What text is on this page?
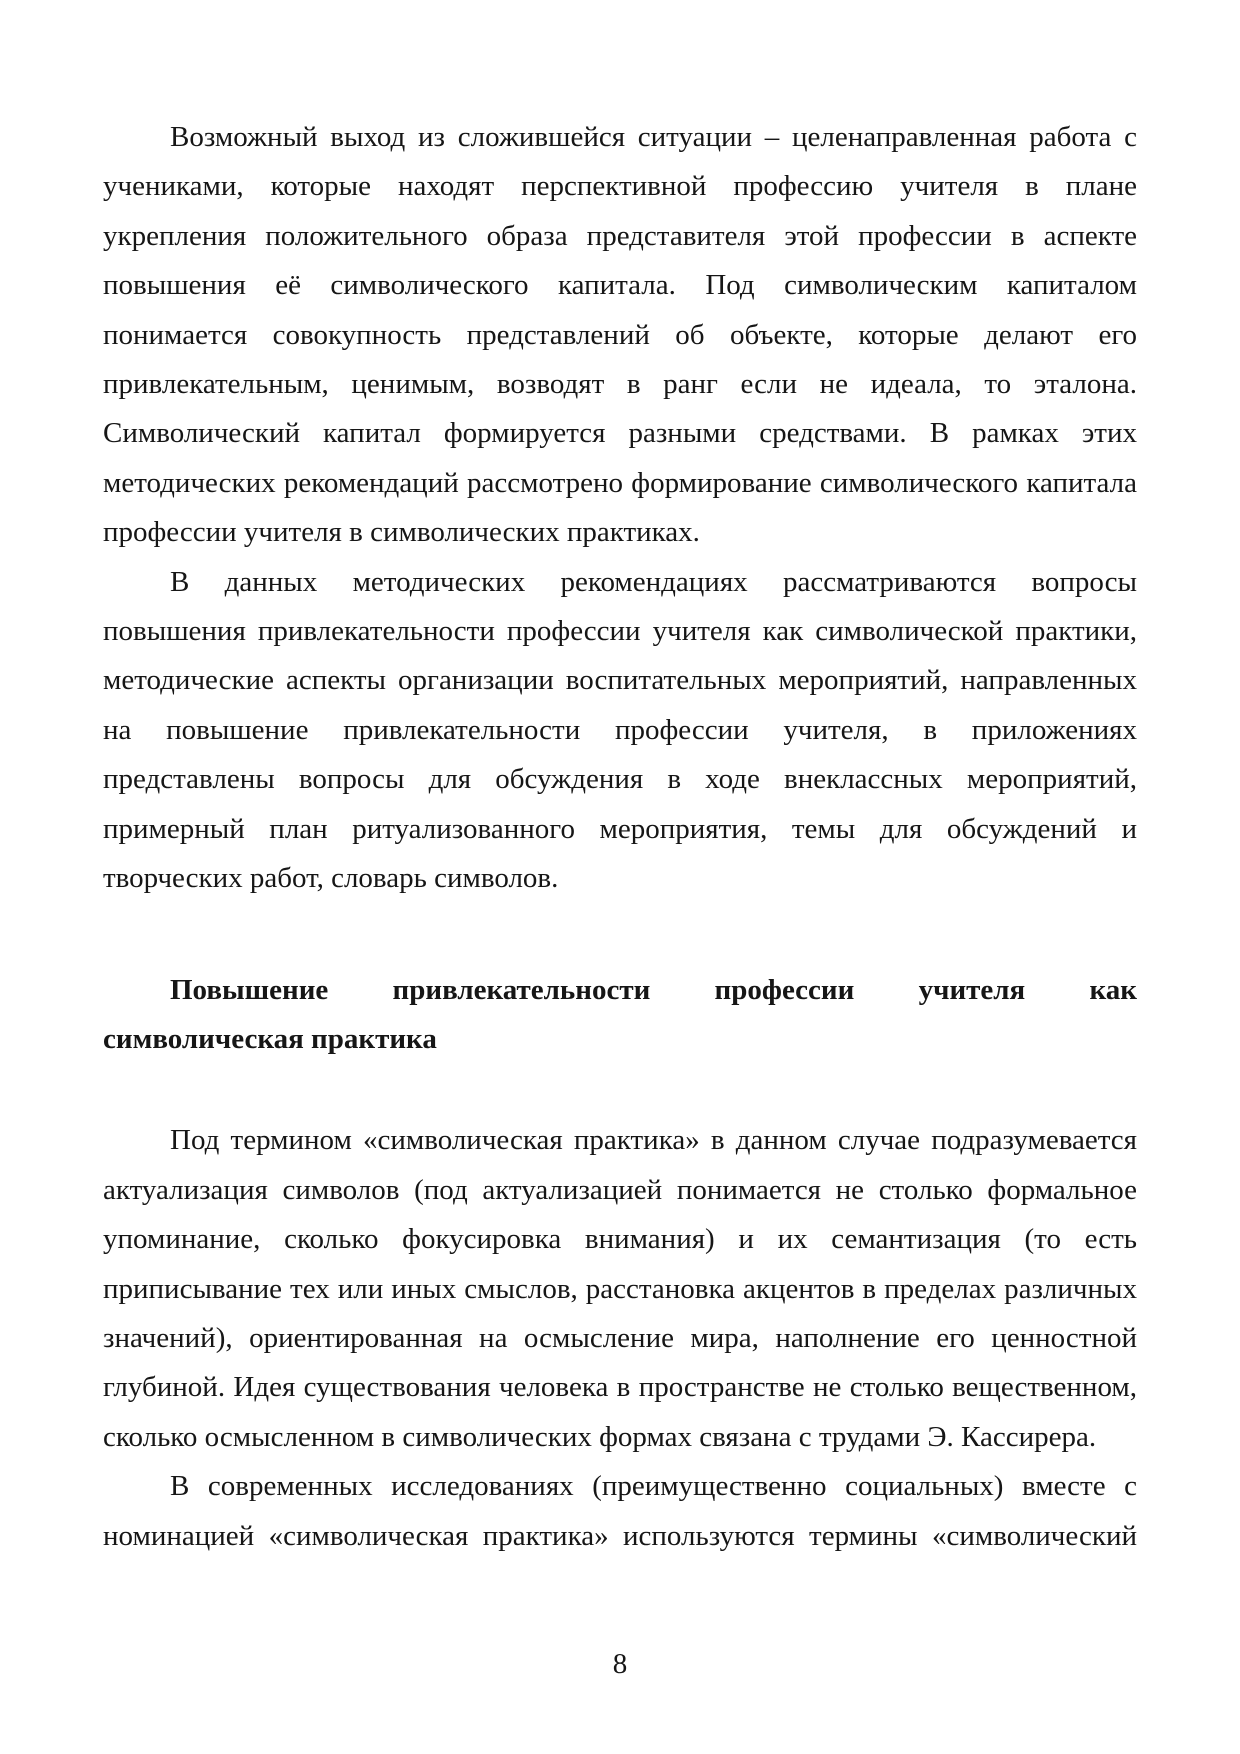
Возможный выход из сложившейся ситуации – целенаправленная работа с учениками, которые находят перспективной профессию учителя в плане укрепления положительного образа представителя этой профессии в аспекте повышения её символического капитала. Под символическим капиталом понимается совокупность представлений об объекте, которые делают его привлекательным, ценимым, возводят в ранг если не идеала, то эталона. Символический капитал формируется разными средствами. В рамках этих методических рекомендаций рассмотрено формирование символического капитала профессии учителя в символических практиках.

В данных методических рекомендациях рассматриваются вопросы повышения привлекательности профессии учителя как символической практики, методические аспекты организации воспитательных мероприятий, направленных на повышение привлекательности профессии учителя, в приложениях представлены вопросы для обсуждения в ходе внеклассных мероприятий, примерный план ритуализованного мероприятия, темы для обсуждений и творческих работ, словарь символов.

Повышение привлекательности профессии учителя как
символическая практика

Под термином «символическая практика» в данном случае подразумевается актуализация символов (под актуализацией понимается не столько формальное упоминание, сколько фокусировка внимания) и их семантизация (то есть приписывание тех или иных смыслов, расстановка акцентов в пределах различных значений), ориентированная на осмысление мира, наполнение его ценностной глубиной. Идея существования человека в пространстве не столько вещественном, сколько осмысленном в символических формах связана с трудами Э. Кассирера.

В современных исследованиях (преимущественно социальных) вместе с номинацией «символическая практика» используются термины «символический

8
